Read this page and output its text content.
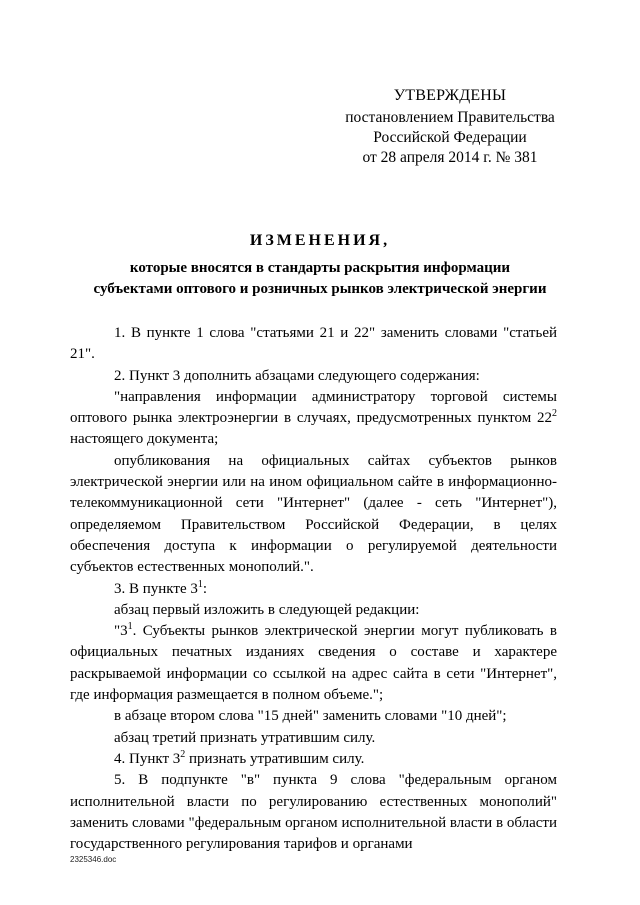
УТВЕРЖДЕНЫ
постановлением Правительства
Российской Федерации
от 28 апреля 2014 г. № 381
ИЗМЕНЕНИЯ,
которые вносятся в стандарты раскрытия информации
субъектами оптового и розничных рынков электрической энергии

1. В пункте 1 слова "статьями 21 и 22" заменить словами "статьей 21".

2. Пункт 3 дополнить абзацами следующего содержания:

"направления информации администратору торговой системы оптового рынка электроэнергии в случаях, предусмотренных пунктом $22^2$ настоящего документа;

опубликования на официальных сайтах субъектов рынков электрической энергии или на ином официальном сайте в информационно-телекоммуникационной сети "Интернет" (далее - сеть "Интернет"), определяемом Правительством Российской Федерации, в целях обеспечения доступа к информации о регулируемой деятельности субъектов естественных монополий.".

3. В пункте $3^1$:

абзац первый изложить в следующей редакции:

"$3^1$. Субъекты рынков электрической энергии могут публиковать в официальных печатных изданиях сведения о составе и характере раскрываемой информации со ссылкой на адрес сайта в сети "Интернет", где информация размещается в полном объеме.";

в абзаце втором слова "15 дней" заменить словами "10 дней";

абзац третий признать утратившим силу.

4. Пункт $3^2$ признать утратившим силу.

5. В подпункте "в" пункта 9 слова "федеральным органом исполнительной власти по регулированию естественных монополий" заменить словами "федеральным органом исполнительной власти в области государственного регулирования тарифов и органами

2325346.doc
